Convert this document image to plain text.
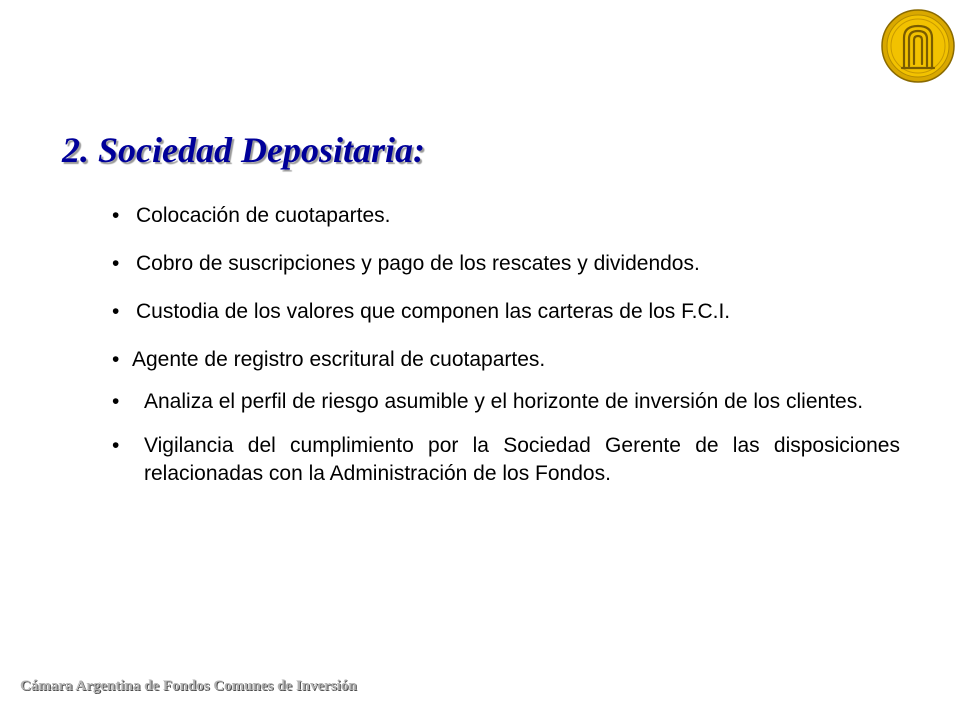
2. Sociedad Depositaria:
• Colocación de cuotapartes.
• Cobro de suscripciones y pago de los rescates y dividendos.
• Custodia de los valores que componen las carteras de los F.C.I.
• Agente de registro escritural de cuotapartes.
• Analiza el perfil de riesgo asumible y el horizonte de inversión de los clientes.
• Vigilancia del cumplimiento por la Sociedad Gerente de las disposiciones relacionadas con la Administración de los Fondos.
Cámara Argentina de Fondos Comunes de Inversión
